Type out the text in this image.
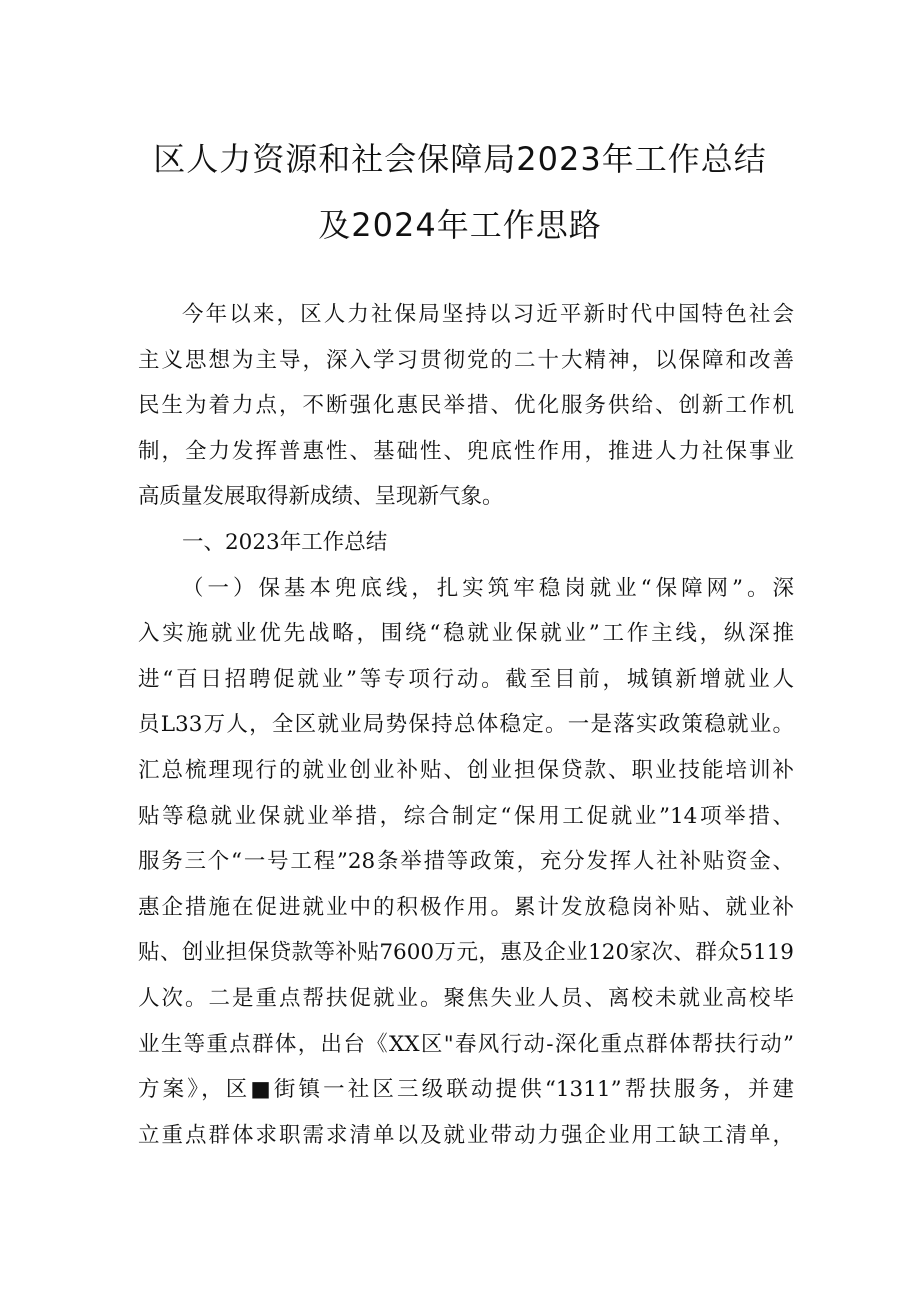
区人力资源和社会保障局2023年工作总结
及2024年工作思路
今年以来，区人力社保局坚持以习近平新时代中国特色社会
主义思想为主导，深入学习贯彻党的二十大精神，以保障和改善
民生为着力点，不断强化惠民举措、优化服务供给、创新工作机
制，全力发挥普惠性、基础性、兜底性作用，推进人力社保事业
高质量发展取得新成绩、呈现新气象。
一、2023年工作总结
（一）保基本兜底线，扎实筑牢稳岗就业“保障网”。深
入实施就业优先战略，围绕“稳就业保就业”工作主线，纵深推
进“百日招聘促就业”等专项行动。截至目前，城镇新增就业人
员L33万人，全区就业局势保持总体稳定。一是落实政策稳就业。
汇总梳理现行的就业创业补贴、创业担保贷款、职业技能培训补
贴等稳就业保就业举措，综合制定“保用工促就业”14项举措、
服务三个“一号工程”28条举措等政策，充分发挥人社补贴资金、
惠企措施在促进就业中的积极作用。累计发放稳岗补贴、就业补
贴、创业担保贷款等补贴7600万元，惠及企业120家次、群众5119
人次。二是重点帮扶促就业。聚焦失业人员、离校未就业高校毕
业生等重点群体，出台《XX区"春风行动-深化重点群体帮扶行动”
方案》，区■街镇一社区三级联动提供“1311”帮扶服务，并建
立重点群体求职需求清单以及就业带动力强企业用工缺工清单，
